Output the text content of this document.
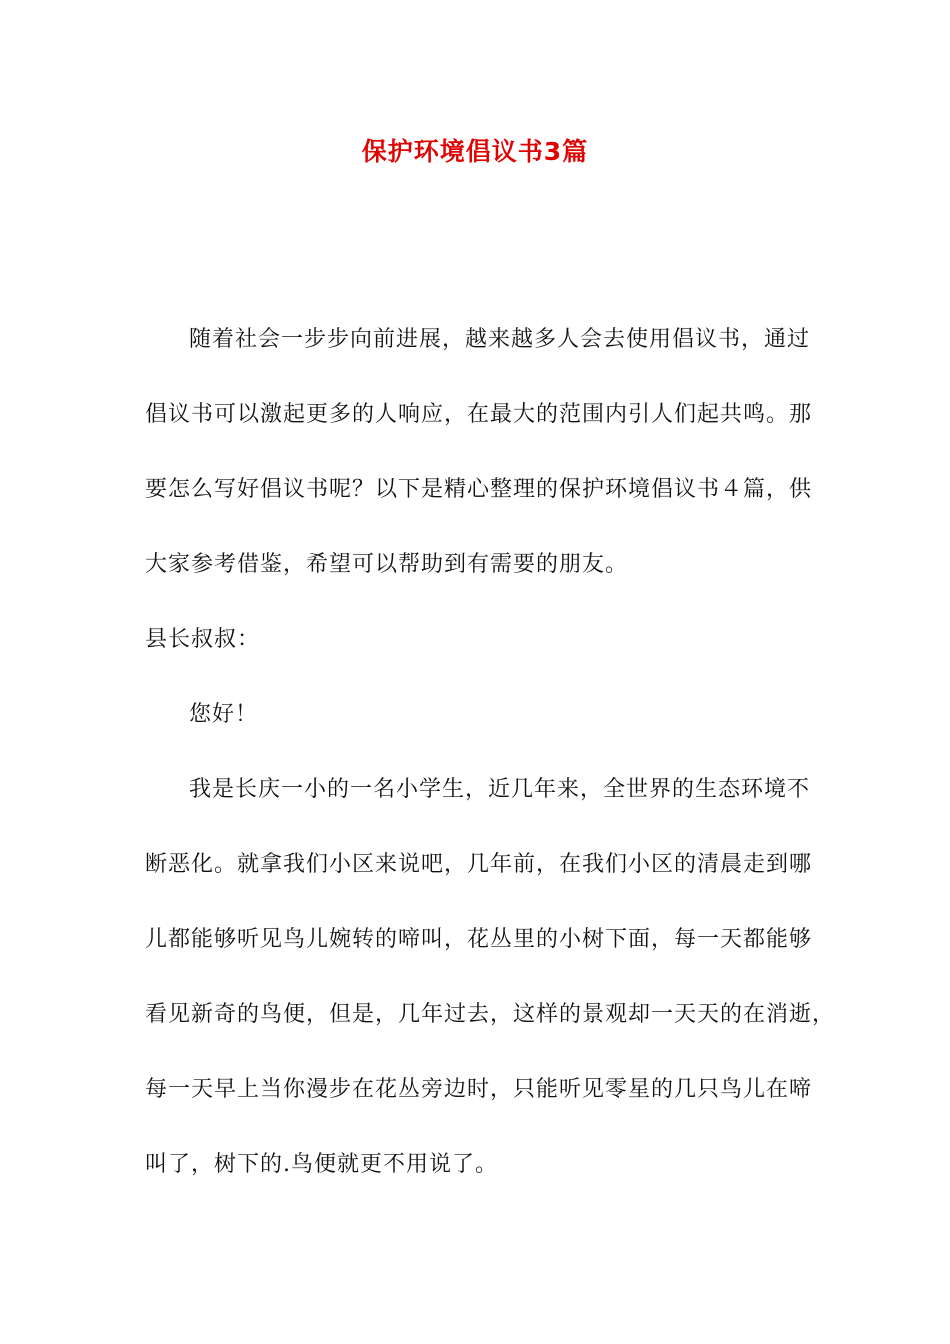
保护环境倡议书3篇
随着社会一步步向前进展，越来越多人会去使用倡议书，通过
倡议书可以激起更多的人响应，在最大的范围内引人们起共鸣。那
要怎么写好倡议书呢？以下是精心整理的保护环境倡议书４篇，供
大家参考借鉴，希望可以帮助到有需要的朋友。
县长叔叔：
您好！
我是长庆一小的一名小学生，近几年来，全世界的生态环境不
断恶化。就拿我们小区来说吧，几年前，在我们小区的清晨走到哪
儿都能够听见鸟儿婉转的啼叫，花丛里的小树下面，每一天都能够
看见新奇的鸟便，但是，几年过去，这样的景观却一天天的在消逝，
每一天早上当你漫步在花丛旁边时，只能听见零星的几只鸟儿在啼
叫了，树下的.鸟便就更不用说了。
